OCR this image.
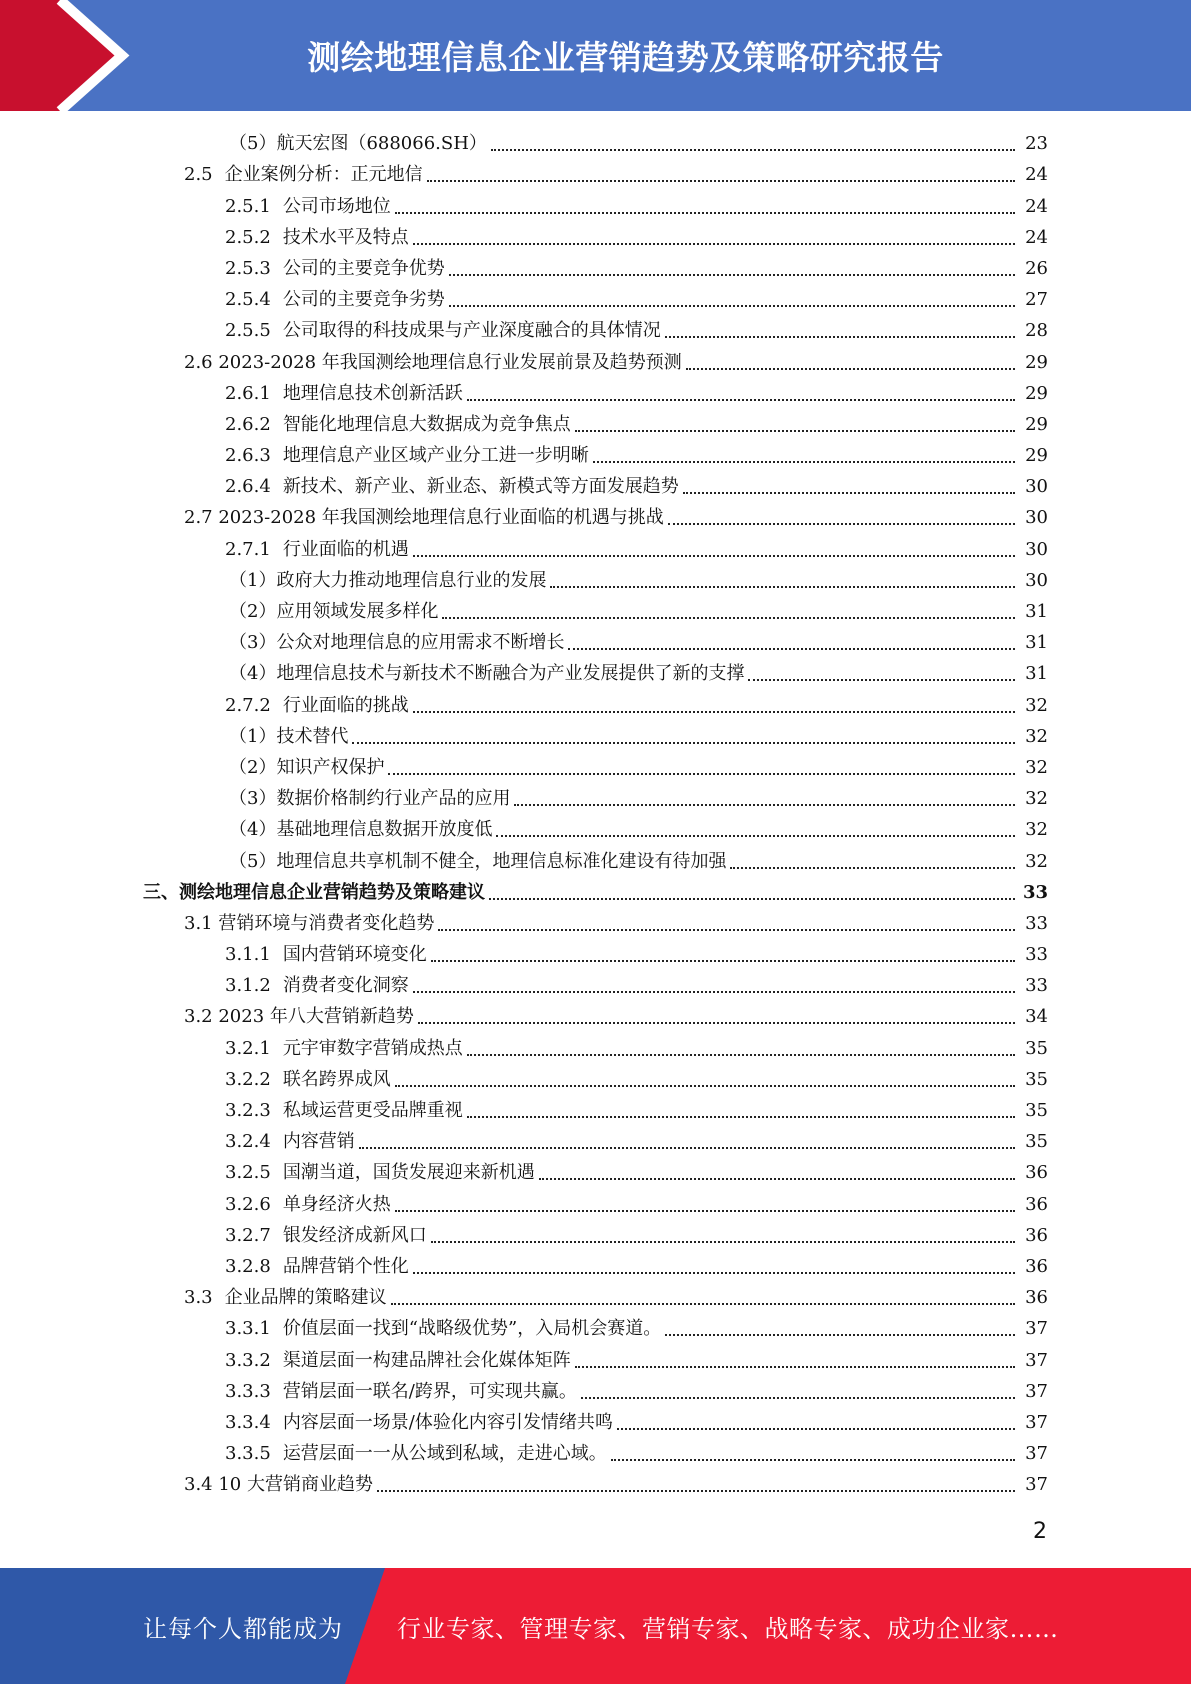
测绘地理信息企业营销趋势及策略研究报告
（5）航天宏图（688066.SH）	23
2.5 企业案例分析：正元地信	24
2.5.1 公司市场地位	24
2.5.2 技术水平及特点	24
2.5.3 公司的主要竞争优势	26
2.5.4 公司的主要竞争劣势	27
2.5.5 公司取得的科技成果与产业深度融合的具体情况	28
2.6 2023-2028 年我国测绘地理信息行业发展前景及趋势预测	29
2.6.1 地理信息技术创新活跃	29
2.6.2 智能化地理信息大数据成为竞争焦点	29
2.6.3 地理信息产业区域产业分工进一步明晰	29
2.6.4 新技术、新产业、新业态、新模式等方面发展趋势	30
2.7 2023-2028 年我国测绘地理信息行业面临的机遇与挑战	30
2.7.1 行业面临的机遇	30
（1）政府大力推动地理信息行业的发展	30
（2）应用领域发展多样化	31
（3）公众对地理信息的应用需求不断增长	31
（4）地理信息技术与新技术不断融合为产业发展提供了新的支撑	31
2.7.2 行业面临的挑战	32
（1）技术替代	32
（2）知识产权保护	32
（3）数据价格制约行业产品的应用	32
（4）基础地理信息数据开放度低	32
（5）地理信息共享机制不健全，地理信息标准化建设有待加强	32
三、测绘地理信息企业营销趋势及策略建议	33
3.1 营销环境与消费者变化趋势	33
3.1.1 国内营销环境变化	33
3.1.2 消费者变化洞察	33
3.2 2023 年八大营销新趋势	34
3.2.1 元宇审数字营销成热点	35
3.2.2 联名跨界成风	35
3.2.3 私域运营更受品牌重视	35
3.2.4 内容营销	35
3.2.5 国潮当道，国货发展迎来新机遇	36
3.2.6 单身经济火热	36
3.2.7 银发经济成新风口	36
3.2.8 品牌营销个性化	36
3.3 企业品牌的策略建议	36
3.3.1 价值层面一找到“战略级优势”，入局机会赛道。	37
3.3.2 渠道层面一构建品牌社会化媒体矩阵	37
3.3.3 营销层面一联名/跨界，可实现共赢。	37
3.3.4 内容层面一场景/体验化内容引发情绪共鸣	37
3.3.5 运营层面一一从公域到私域，走进心域。	37
3.4 10 大营销商业趋势	37
2
让每个人都能成为	行业专家、管理专家、营销专家、战略专家、成功企业家……
